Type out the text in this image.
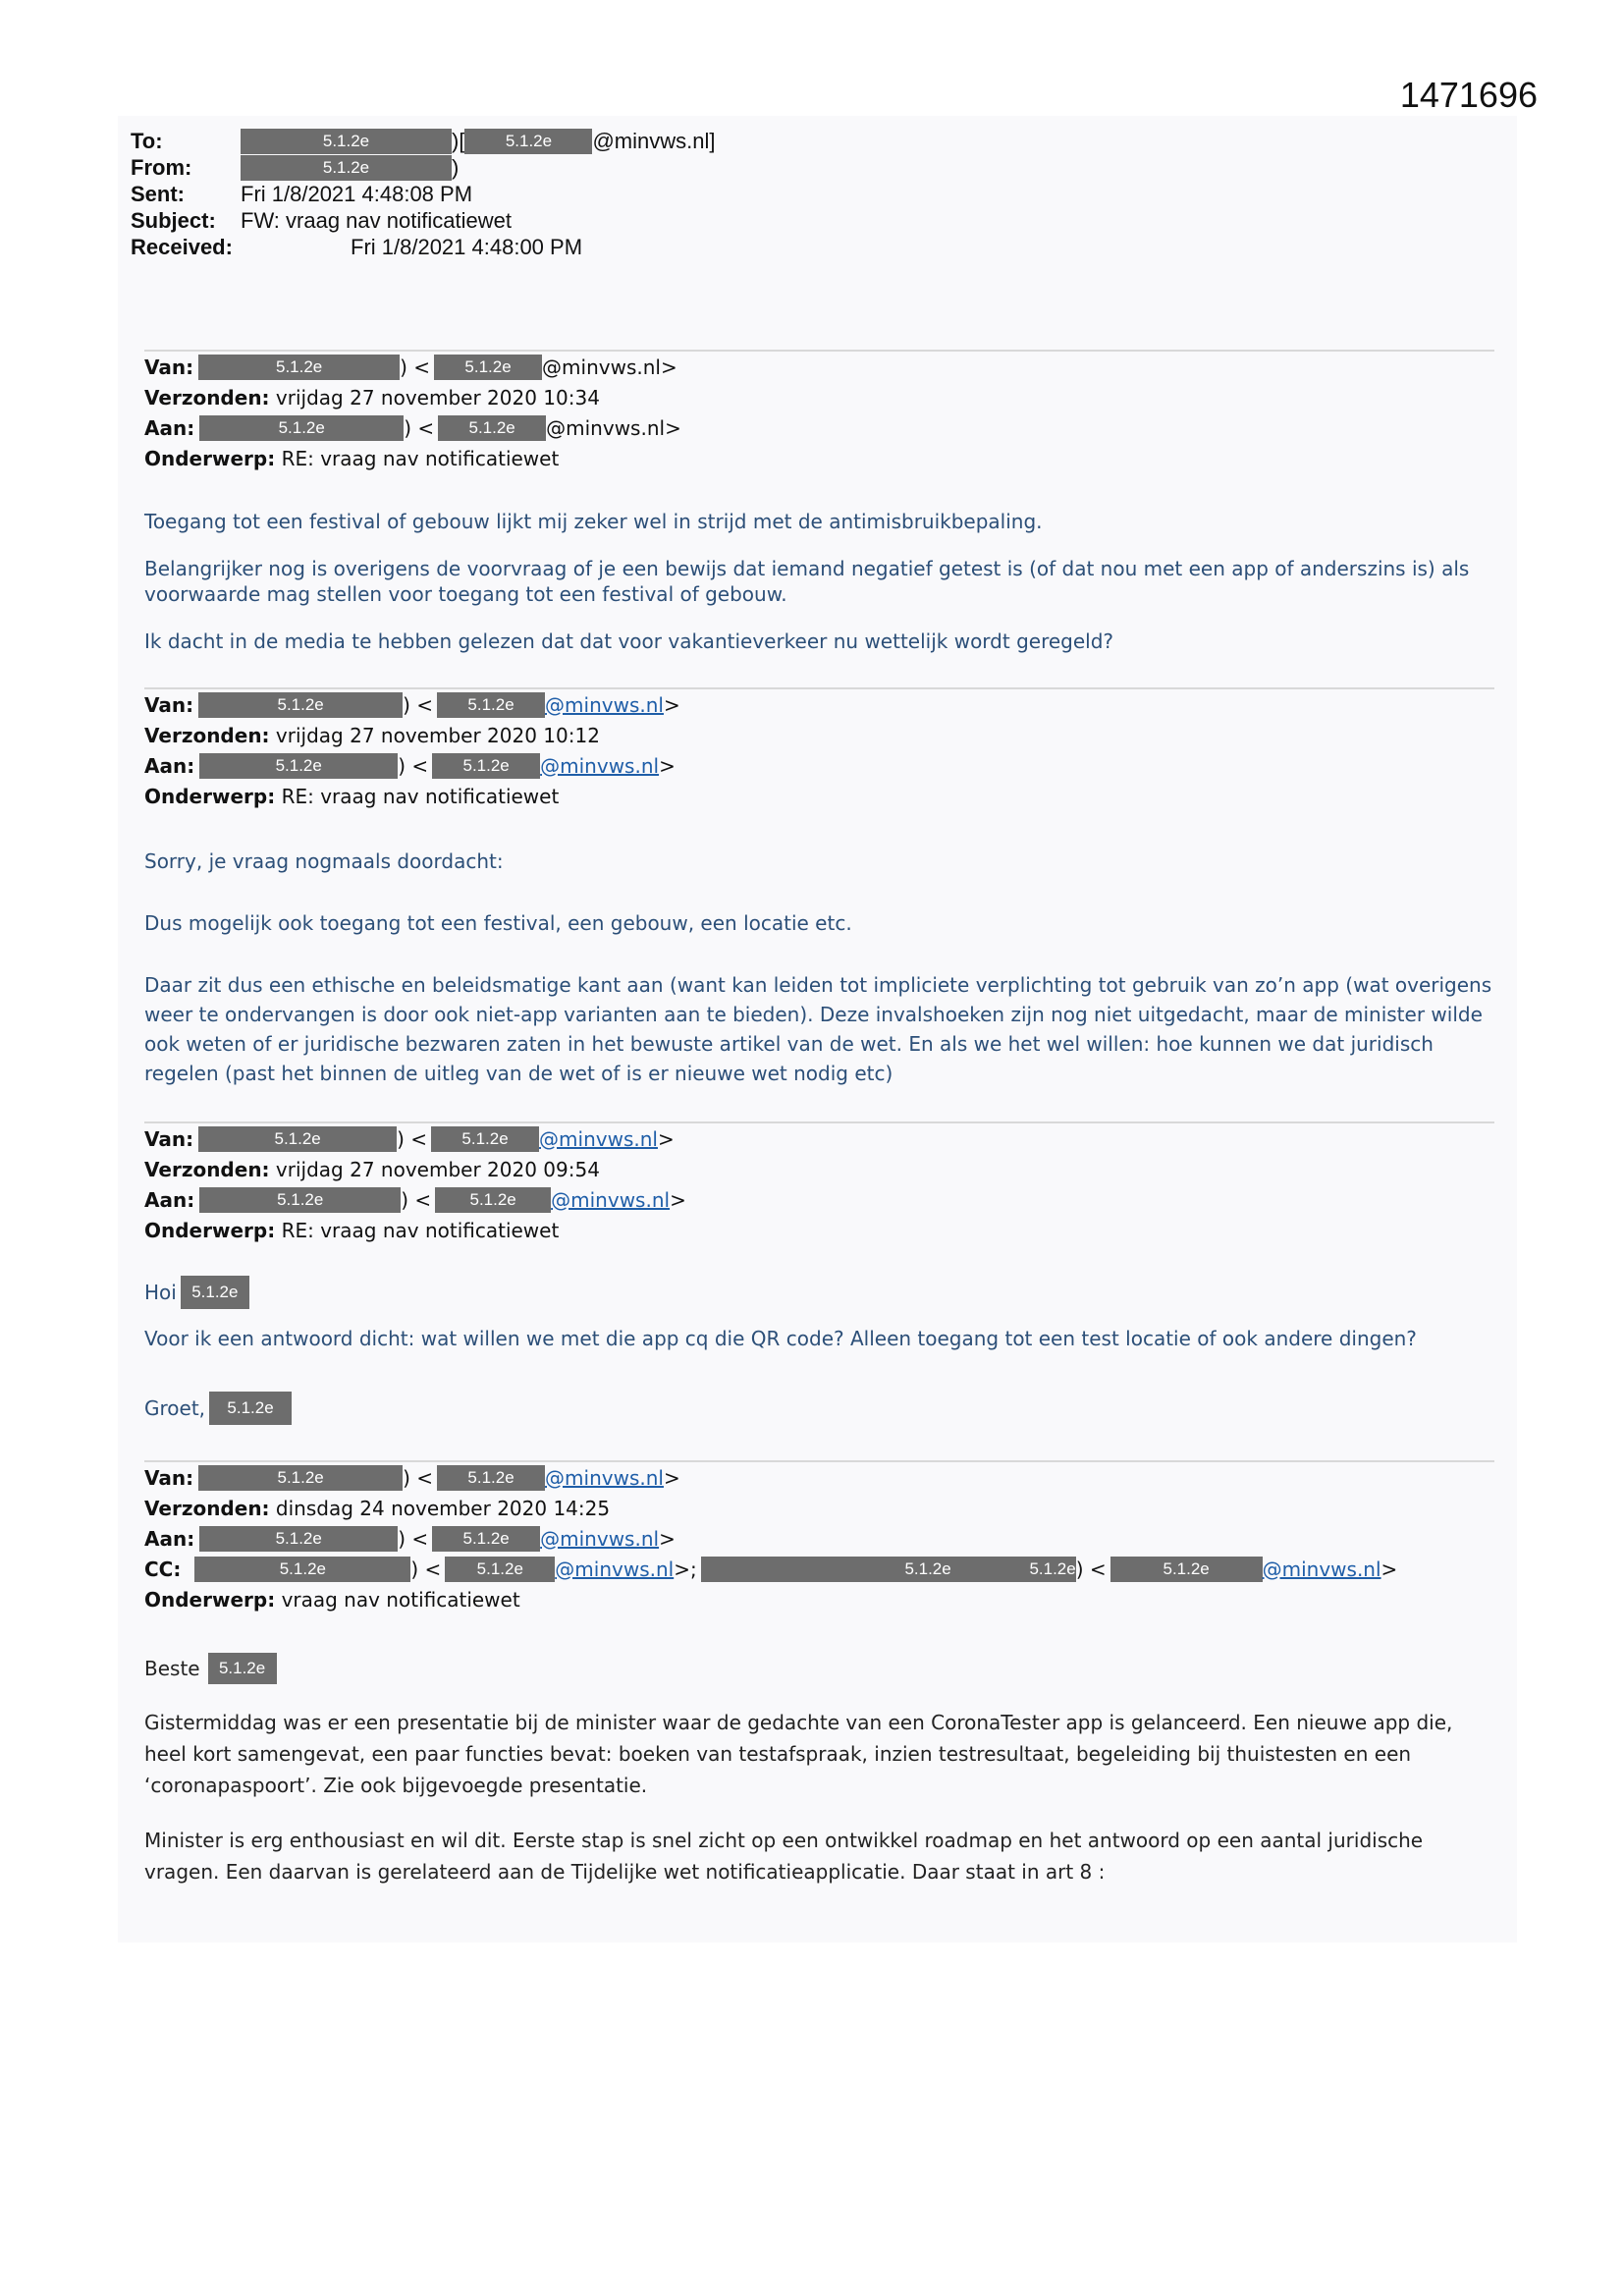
1471696
To:	5.1.2e	)[	5.1.2e	@minvws.nl]
From:	5.1.2e	)
Sent:	Fri 1/8/2021 4:48:08 PM
Subject:	FW: vraag nav notificatiewet
Received:	Fri 1/8/2021 4:48:00 PM
Van:	5.1.2e	) <	5.1.2e	@minvws.nl >
Verzonden:
vrijdag 27 november 2020 10:34
Aan:	5.1.2e	) <	5.1.2e	@minvws.nl >
Onderwerp:
RE: vraag nav notificatiewet

Toegang tot een festival of gebouw lijkt mij zeker wel in strijd met de antimisbruikbepaling.

Belangrijker nog is overigens de voorvraag of je een bewijs dat iemand negatief getest is (of dat nou met een app of anderszins is) als voorwaarde mag stellen voor toegang tot een festival of gebouw.

Ik dacht in de media te hebben gelezen dat dat voor vakantieverkeer nu wettelijk wordt geregeld?

Van:	5.1.2e	) <	5.1.2e	@minvws.nl >
Verzonden:
vrijdag 27 november 2020 10:12
Aan:	5.1.2e	) <	5.1.2e	@minvws.nl >
Onderwerp:
RE: vraag nav notificatiewet

Sorry, je vraag nogmaals doordacht:

Dus mogelijk ook toegang tot een festival, een gebouw, een locatie etc.

Daar zit dus een ethische en beleidsmatige kant aan (want kan leiden tot impliciete verplichting tot gebruik van zo’n app (wat overigens weer te ondervangen is door ook niet-app varianten aan te bieden). Deze invalshoeken zijn nog niet uitgedacht, maar de minister wilde ook weten of er juridische bezwaren zaten in het bewuste artikel van de wet. En als we het wel willen: hoe kunnen we dat juridisch regelen (past het binnen de uitleg van de wet of is er nieuwe wet nodig etc)

Van:	5.1.2e	) <	5.1.2e	@minvws.nl >
Verzonden:
vrijdag 27 november 2020 09:54
Aan:	5.1.2e	) <	5.1.2e	@minvws.nl >
Onderwerp:
RE: vraag nav notificatiewet
Hoi 5.1.2e

Voor ik een antwoord dicht: wat willen we met die app cq die QR code? Alleen toegang tot een test locatie of ook andere dingen?

Groet,	5.1.2e
Van:	5.1.2e	) <	5.1.2e	@minvws.nl >
Verzonden:
dinsdag 24 november 2020 14:25
Aan:	5.1.2e	) <	5.1.2e	@minvws.nl >
CC:	5.1.2e	) <	5.1.2e	@minvws.nl >;	5.1.2e	5.1.2e ) <	5.1.2e	@minvws.nl >
Onderwerp:
vraag nav notificatiewet
Beste	5.1.2e

Gistermiddag was er een presentatie bij de minister waar de gedachte van een CoronaTester app is gelanceerd. Een nieuwe app die, heel kort samengevat, een paar functies bevat: boeken van testafspraak, inzien testresultaat, begeleiding bij thuistesten en een ‘coronapaspoort’. Zie ook bijgevoegde presentatie.

Minister is erg enthousiast en wil dit. Eerste stap is snel zicht op een ontwikkel roadmap en het antwoord op een aantal juridische vragen. Een daarvan is gerelateerd aan de Tijdelijke wet notificatieapplicatie. Daar staat in art 8 :
